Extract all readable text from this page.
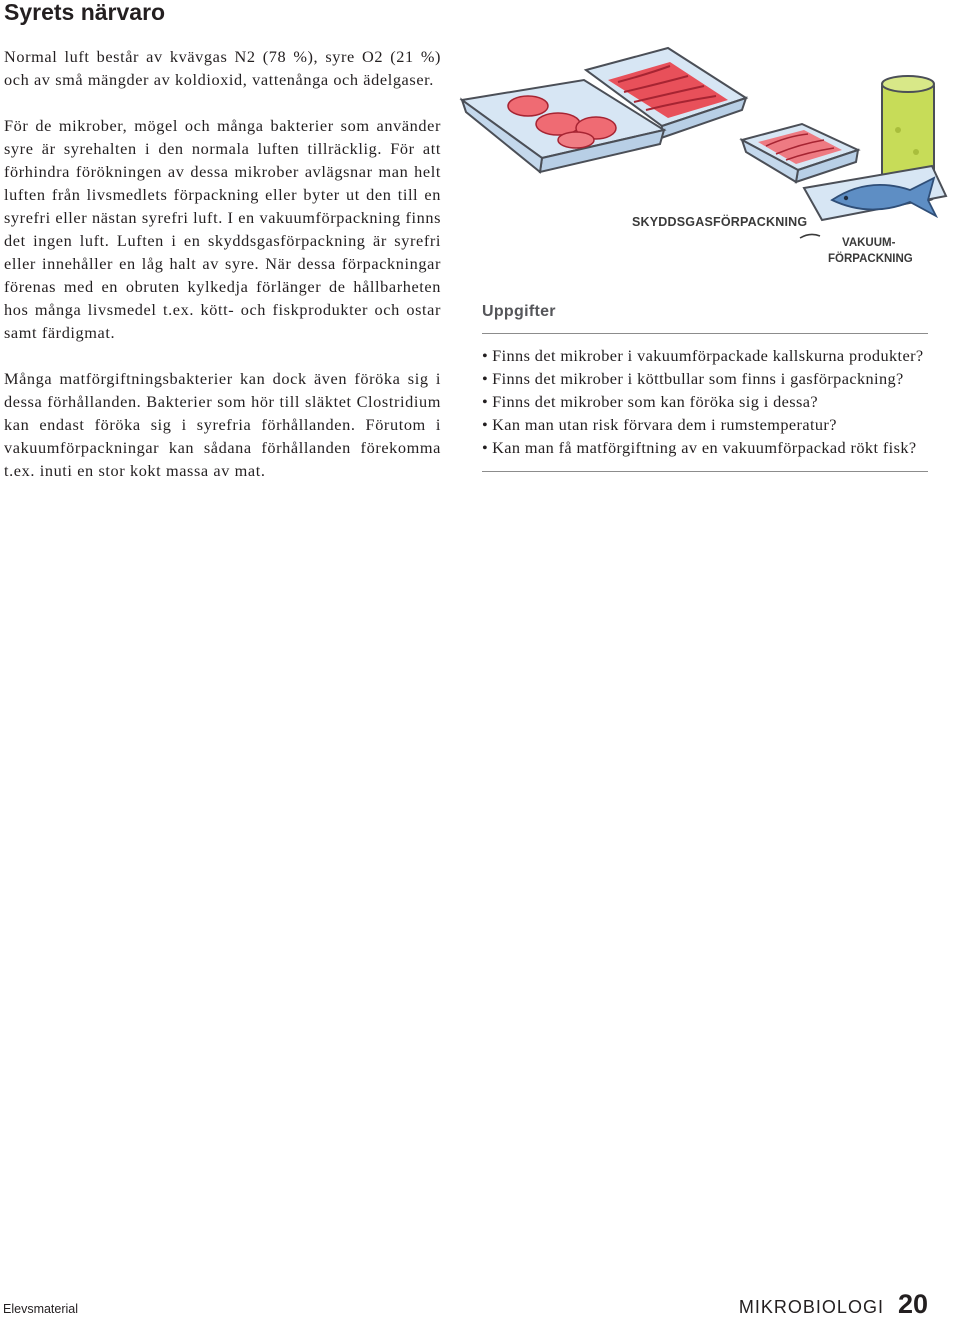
Syrets närvaro

Normal luft består av kvävgas N2 (78 %), syre O2 (21 %) och av små mängder av koldioxid, vattenånga och ädelgaser.

För de mikrober, mögel och många bakterier som använder syre är syrehalten i den normala luften tillräcklig. För att förhindra förökningen av dessa mikrober avlägsnar man helt luften från livsmedlets förpackning eller byter ut den till en syrefri eller nästan syrefri luft. I en vakuumförpackning finns det ingen luft. Luften i en skyddsgasförpackning är syrefri eller innehåller en låg halt av syre. När dessa förpackningar förenas med en obruten kylkedja förlänger de hållbarheten hos många livsmedel t.ex. kött- och fiskprodukter och ostar samt färdigmat.

Många matförgiftningsbakterier kan dock även föröka sig i dessa förhållanden. Bakterier som hör till släktet Clostridium kan endast föröka sig i syrefria förhållanden. Förutom i vakuumförpackningar kan sådana förhållanden förekomma t.ex. inuti en stor kokt massa av mat.

SKYDDSGASFÖRPACKNING
VAKUUM-
FÖRPACKNING
Uppgifter
• Finns det mikrober i vakuumförpackade kallskurna produkter?
• Finns det mikrober i köttbullar som finns i gasförpackning?
• Finns det mikrober som kan föröka sig i dessa?
• Kan man utan risk förvara dem i rumstemperatur?
• Kan man få matförgiftning av en vakuumförpackad rökt fisk?
Elevsmaterial	MIKROBIOLOGI 20
